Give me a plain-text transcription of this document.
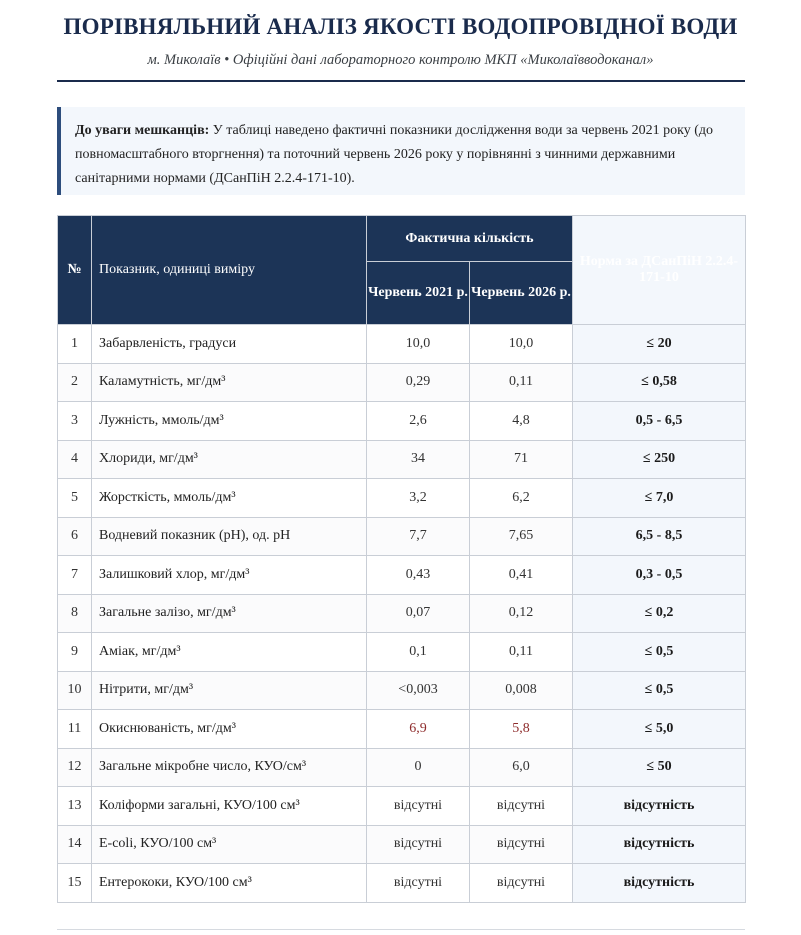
ПОРІВНЯЛЬНИЙ АНАЛІЗ ЯКОСТІ ВОДОПРОВІДНОЇ ВОДИ
м. Миколаїв • Офіційні дані лабораторного контролю МКП «Миколаївводоканал»
До уваги мешканців: У таблиці наведено фактичні показники дослідження води за червень 2021 року (до повномасштабного вторгнення) та поточний червень 2026 року у порівнянні з чинними державними санітарними нормами (ДСанПіН 2.2.4-171-10).
№	Показник, одиниці виміру	Фактична кількість		Норма за ДСанПіН 2.2.4-171-10
		Червень 2021 р.	Червень 2026 р.	
1	Забарвленість, градуси	10,0	10,0	≤ 20
2	Каламутність, мг/дм³	0,29	0,11	≤ 0,58
3	Лужність, ммоль/дм³	2,6	4,8	0,5 - 6,5
4	Хлориди, мг/дм³	34	71	≤ 250
5	Жорсткість, ммоль/дм³	3,2	6,2	≤ 7,0
6	Водневий показник (рН), од. рН	7,7	7,65	6,5 - 8,5
7	Залишковий хлор, мг/дм³	0,43	0,41	0,3 - 0,5
8	Загальне залізо, мг/дм³	0,07	0,12	≤ 0,2
9	Аміак, мг/дм³	0,1	0,11	≤ 0,5
10	Нітрити, мг/дм³	<0,003	0,008	≤ 0,5
11	Окиснюваність, мг/дм³	6,9	5,8	≤ 5,0
12	Загальне мікробне число, КУО/см³	0	6,0	≤ 50
13	Коліформи загальні, КУО/100 см³	відсутні	відсутні	відсутність
14	E-coli, КУО/100 см³	відсутні	відсутні	відсутність
15	Ентерококи, КУО/100 см³	відсутні	відсутні	відсутність
